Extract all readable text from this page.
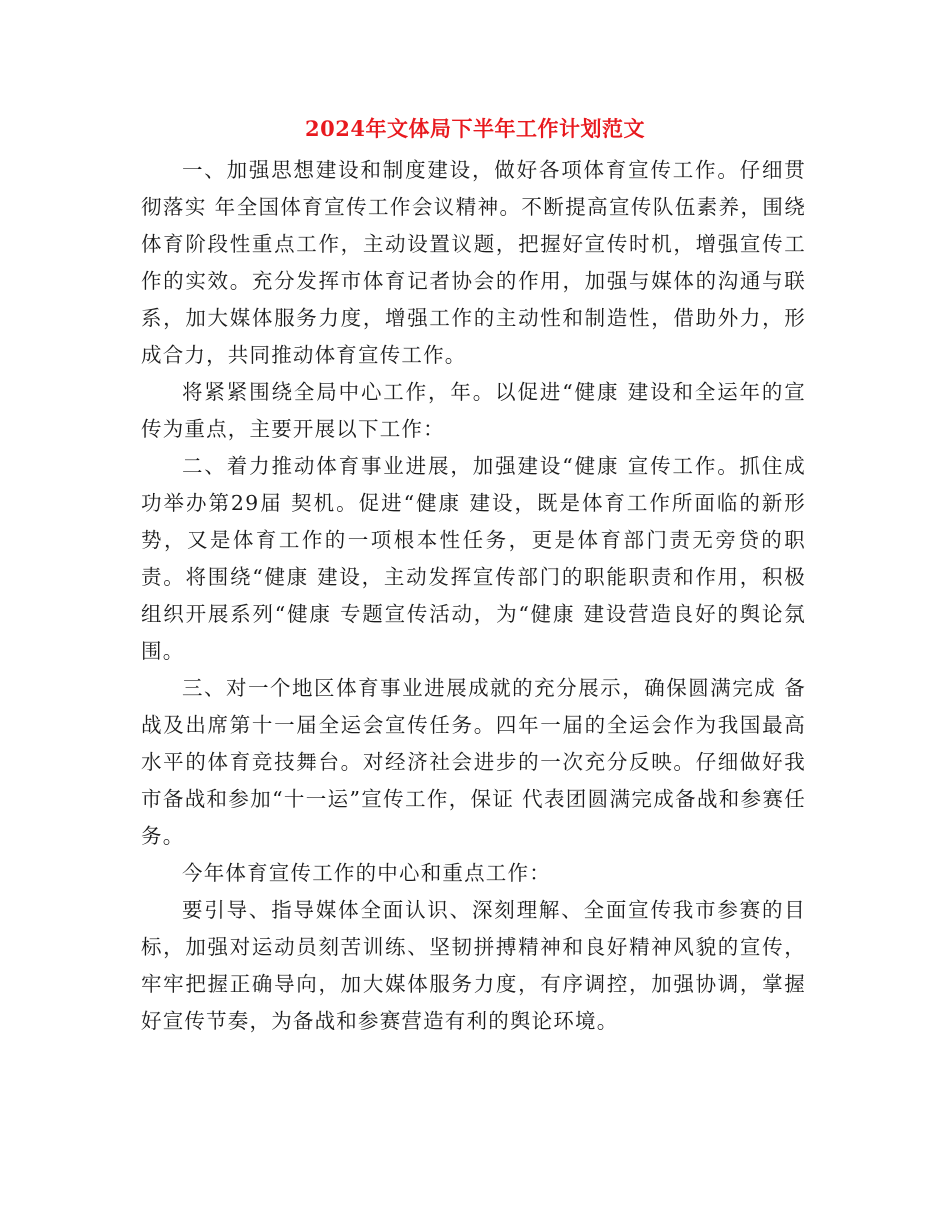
2024年文体局下半年工作计划范文

一、加强思想建设和制度建设，做好各项体育宣传工作。仔细贯彻落实 年全国体育宣传工作会议精神。不断提高宣传队伍素养，围绕体育阶段性重点工作，主动设置议题，把握好宣传时机，增强宣传工作的实效。充分发挥市体育记者协会的作用，加强与媒体的沟通与联系，加大媒体服务力度，增强工作的主动性和制造性，借助外力，形成合力，共同推动体育宣传工作。

将紧紧围绕全局中心工作，年。以促进“健康 建设和全运年的宣传为重点，主要开展以下工作：

二、着力推动体育事业进展，加强建设“健康 宣传工作。抓住成功举办第29届 契机。促进“健康 建设，既是体育工作所面临的新形势，又是体育工作的一项根本性任务，更是体育部门责无旁贷的职责。将围绕“健康 建设，主动发挥宣传部门的职能职责和作用，积极组织开展系列“健康 专题宣传活动，为“健康 建设营造良好的舆论氛围。

三、对一个地区体育事业进展成就的充分展示，确保圆满完成 备战及出席第十一届全运会宣传任务。四年一届的全运会作为我国最高水平的体育竞技舞台。对经济社会进步的一次充分反映。仔细做好我市备战和参加“十一运”宣传工作，保证 代表团圆满完成备战和参赛任务。

今年体育宣传工作的中心和重点工作：

要引导、指导媒体全面认识、深刻理解、全面宣传我市参赛的目标，加强对运动员刻苦训练、坚韧拼搏精神和良好精神风貌的宣传，牢牢把握正确导向，加大媒体服务力度，有序调控，加强协调，掌握好宣传节奏，为备战和参赛营造有利的舆论环境。
